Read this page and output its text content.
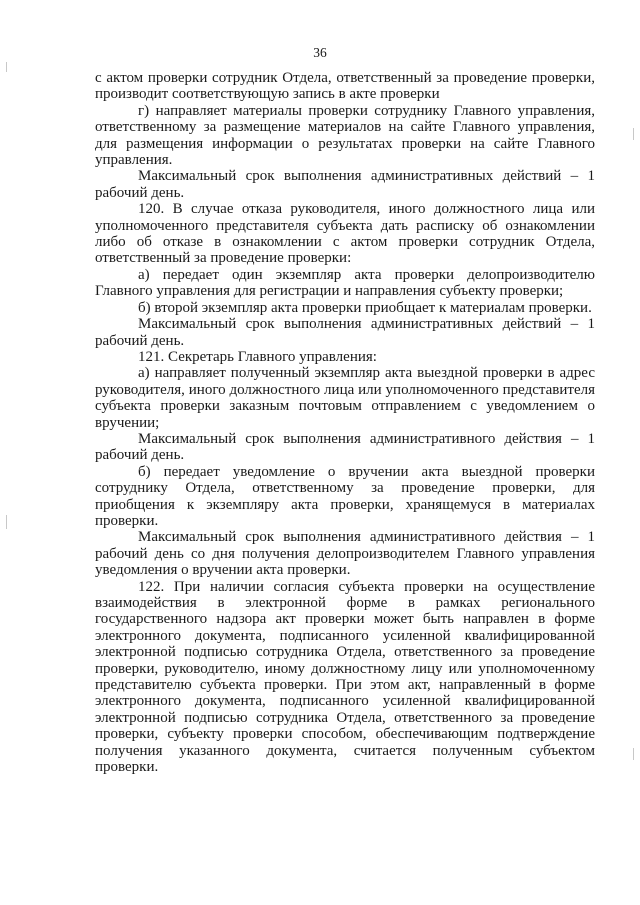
36

с актом проверки сотрудник Отдела, ответственный за проведение проверки, производит соответствующую запись в акте проверки

г) направляет материалы проверки сотруднику Главного управления, ответственному за размещение материалов на сайте Главного управления, для размещения информации о результатах проверки на сайте Главного управления.

Максимальный срок выполнения административных действий – 1 рабочий день.

120. В случае отказа руководителя, иного должностного лица или уполномоченного представителя субъекта дать расписку об ознакомлении либо об отказе в ознакомлении с актом проверки сотрудник Отдела, ответственный за проведение проверки:

а) передает один экземпляр акта проверки делопроизводителю Главного управления для регистрации и направления субъекту проверки;

б) второй экземпляр акта проверки приобщает к материалам проверки.

Максимальный срок выполнения административных действий – 1 рабочий день.

121. Секретарь Главного управления:

а) направляет полученный экземпляр акта выездной проверки в адрес руководителя, иного должностного лица или уполномоченного представителя субъекта проверки заказным почтовым отправлением с уведомлением о вручении;

Максимальный срок выполнения административного действия – 1 рабочий день.

б) передает уведомление о вручении акта выездной проверки сотруднику Отдела, ответственному за проведение проверки, для приобщения к экземпляру акта проверки, хранящемуся в материалах проверки.

Максимальный срок выполнения административного действия – 1 рабочий день со дня получения делопроизводителем Главного управления уведомления о вручении акта проверки.

122. При наличии согласия субъекта проверки на осуществление взаимодействия в электронной форме в рамках регионального государственного надзора акт проверки может быть направлен в форме электронного документа, подписанного усиленной квалифицированной электронной подписью сотрудника Отдела, ответственного за проведение проверки, руководителю, иному должностному лицу или уполномоченному представителю субъекта проверки. При этом акт, направленный в форме электронного документа, подписанного усиленной квалифицированной электронной подписью сотрудника Отдела, ответственного за проведение проверки, субъекту проверки способом, обеспечивающим подтверждение получения указанного документа, считается полученным субъектом проверки.
